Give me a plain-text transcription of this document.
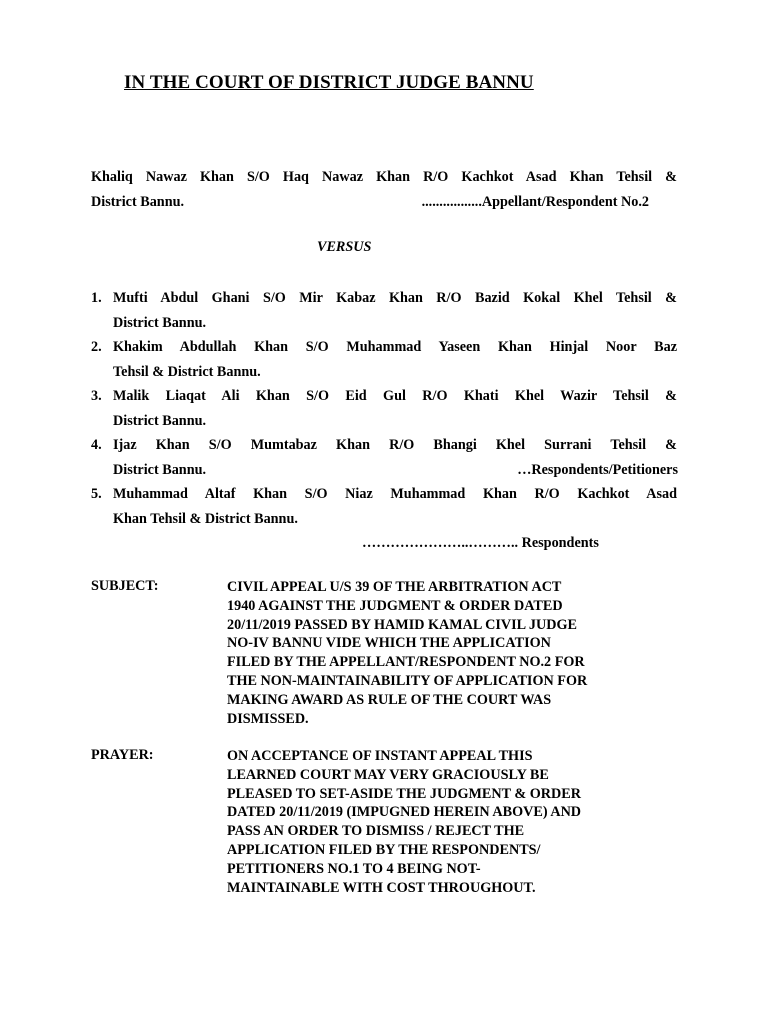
IN THE COURT OF DISTRICT JUDGE BANNU
Khaliq Nawaz Khan S/O Haq Nawaz Khan R/O Kachkot Asad Khan Tehsil &
District Bannu.	.................Appellant/Respondent No.2
VERSUS
1. Mufti Abdul Ghani S/O Mir Kabaz Khan R/O Bazid Kokal Khel Tehsil &
District Bannu.
2. Khakim Abdullah Khan S/O Muhammad Yaseen Khan Hinjal Noor Baz
Tehsil & District Bannu.
3. Malik Liaqat Ali Khan S/O Eid Gul R/O Khati Khel Wazir Tehsil &
District Bannu.
4. Ijaz Khan S/O Mumtabaz Khan R/O Bhangi Khel Surrani Tehsil &
District Bannu.	…Respondents/Petitioners
5. Muhammad Altaf Khan S/O Niaz Muhammad Khan R/O Kachkot Asad
Khan Tehsil & District Bannu.
…………………..……….. Respondents
SUBJECT:	CIVIL APPEAL U/S 39 OF THE ARBITRATION ACT
1940 AGAINST THE JUDGMENT & ORDER DATED
20/11/2019 PASSED BY HAMID KAMAL CIVIL JUDGE
NO-IV BANNU VIDE WHICH THE APPLICATION
FILED BY THE APPELLANT/RESPONDENT NO.2 FOR
THE NON-MAINTAINABILITY OF APPLICATION FOR
MAKING AWARD AS RULE OF THE COURT WAS
DISMISSED.
PRAYER:	ON ACCEPTANCE OF INSTANT APPEAL THIS
LEARNED COURT MAY VERY GRACIOUSLY BE
PLEASED TO SET-ASIDE THE JUDGMENT & ORDER
DATED 20/11/2019 (IMPUGNED HEREIN ABOVE) AND
PASS AN ORDER TO DISMISS / REJECT THE
APPLICATION FILED BY THE RESPONDENTS/
PETITIONERS NO.1 TO 4 BEING NOT-
MAINTAINABLE WITH COST THROUGHOUT.
